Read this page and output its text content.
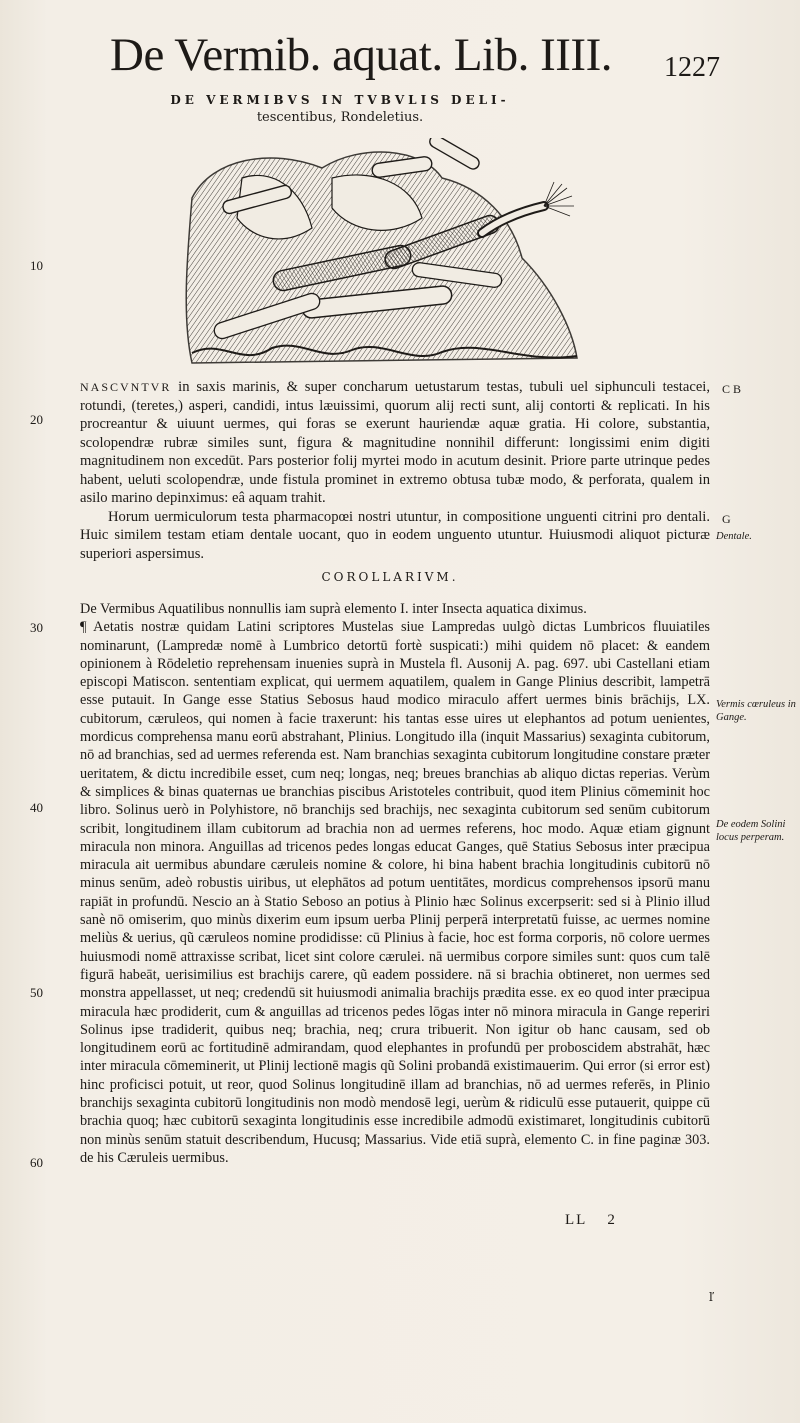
De Vermib. aquat. Lib. IIII. 1227
DE VERMIBVS IN TVBVLIS DELI-
tescentibus, Rondeletius.
10
20
30
40
50
60

NASCVNTVR in saxis marinis, & super concharum uetustarum testas, tubuli uel siphunculi testacei, rotundi, (teretes,) asperi, candidi, intus læuissimi, quorum alij recti sunt, alij contorti & replicati. In his procreantur & uiuunt uermes, qui foras se exerunt hauriendæ aquæ gratia. Hi colore, substantia, scolopendræ rubræ similes sunt, figura & magnitudine nonnihil differunt: longissimi enim digiti magnitudinem non excedūt. Pars posterior folij myrtei modo in acutum desinit. Priore parte utrinque pedes habent, ueluti scolopendræ, unde fistula prominet in extremo obtusa tubæ modo, & perforata, qualem in asilo marino depinximus: eâ aquam trahit.

Horum uermiculorum testa pharmacopœi nostri utuntur, in compositione unguenti citrini pro dentali. Huic similem testam etiam dentale uocant, quo in eodem unguento utuntur. Huiusmodi aliquot picturæ superiori aspersimus.

COROLLARIVM.

De Vermibus Aquatilibus nonnullis iam suprà elemento I. inter Insecta aquatica diximus.

¶ Aetatis nostræ quidam Latini scriptores Mustelas siue Lampredas uulgò dictas Lumbricos fluuiatiles nominarunt, (Lampredæ nomē à Lumbrico detortū fortè suspicati:) mihi quidem nō placet: & eandem opinionem à Rōdeletio reprehensam inuenies suprà in Mustela fl. Ausonij A. pag. 697. ubi Castellani etiam episcopi Matiscon. sententiam explicat, qui uermem aquatilem, qualem in Gange Plinius describit, lampetrā esse putauit. In Gange esse Statius Sebosus haud modico miraculo affert uermes binis brāchijs, LX. cubitorum, cæruleos, qui nomen à facie traxerunt: his tantas esse uires ut elephantos ad potum uenientes, mordicus comprehensa manu eorū abstrahant, Plinius. Longitudo illa (inquit Massarius) sexaginta cubitorum, nō ad branchias, sed ad uermes referenda est. Nam branchias sexaginta cubitorum longitudine constare præter ueritatem, & dictu incredibile esset, cum neq; longas, neq; breues branchias ab aliquo dictas reperias. Verùm & simplices & binas quaternas ue branchias piscibus Aristoteles contribuit, quod item Plinius cōmeminit hoc libro. Solinus uerò in Polyhistore, nō branchijs sed brachijs, nec sexaginta cubitorum sed senūm cubitorum scribit, longitudinem illam cubitorum ad brachia non ad uermes referens, hoc modo. Aquæ etiam gignunt miracula non minora. Anguillas ad tricenos pedes longas educat Ganges, quē Statius Sebosus inter præcipua miracula ait uermibus abundare cæruleis nomine & colore, hi bina habent brachia longitudinis cubitorū nō minus senūm, adeò robustis uiribus, ut elephātos ad potum uentitātes, mordicus comprehensos ipsorū manu rapiāt in profundū. Nescio an à Statio Seboso an potius à Plinio hæc Solinus excerpserit: sed si à Plinio illud sanè nō omiserim, quo minùs dixerim eum ipsum uerba Plinij perperā interpretatū fuisse, ac uermes nomine meliùs & uerius, qũ cæruleos nomine prodidisse: cū Plinius à facie, hoc est forma corporis, nō colore uermes huiusmodi nomē attraxisse scribat, licet sint colore cærulei. nā uermibus corpore similes sunt: quos cum talē figurā habeāt, uerisimilius est brachijs carere, qũ eadem possidere. nā si brachia obtineret, non uermes sed monstra appellasset, ut neq; credendū sit huiusmodi animalia brachijs prædita esse. ex eo quod inter præcipua miracula hæc prodiderit, cum & anguillas ad tricenos pedes lōgas inter nō minora miracula in Gange reperiri Solinus ipse tradiderit, quibus neq; brachia, neq; crura tribuerit. Non igitur ob hanc causam, sed ob longitudinem eorū ac fortitudinē admirandam, quod elephantes in profundū per proboscidem abstrahāt, hæc inter miracula cōmeminerit, ut Plinij lectionē magis qũ Solini probandā existimauerim. Qui error (si error est) hinc proficisci potuit, ut reor, quod Solinus longitudinē illam ad branchias, nō ad uermes referēs, in Plinio branchijs sexaginta cubitorū longitudinis non modò mendosē legi, uerùm & ridiculū esse putauerit, quippe cū brachia quoq; hæc cubitorū sexaginta longitudinis esse incredibile admodū existimaret, longitudinis cubitorū non minùs senūm statuit describendum, Hucusq; Massarius. Vide etiā suprà, elemento C. in fine paginæ 303. de his Cæruleis uermibus.

C B
G
Dentale.
Vermis cœruleus in Gange.
De eodem Solini locus perperam.
LL 2
ľ
